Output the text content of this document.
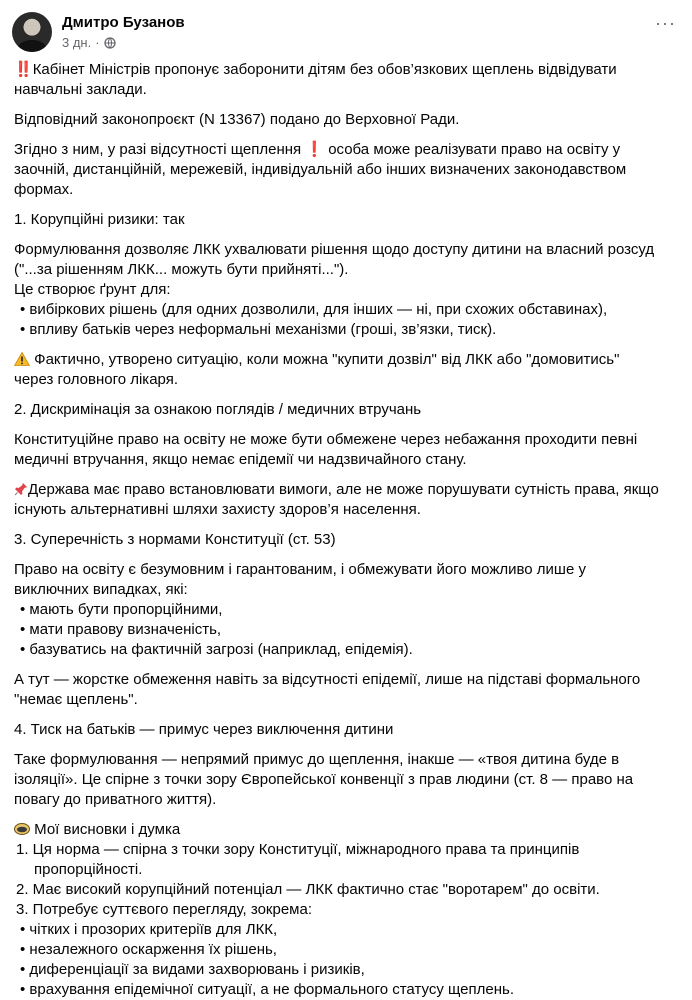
Дмитро Бузанов
3 дн. ·
···

‼️Кабінет Міністрів пропонує заборонити дітям без обов’язкових щеплень відвідувати

навчальні заклади.

Відповідний законопроєкт (N 13367) подано до Верховної Ради.

Згідно з ним, у разі відсутності щеплення ❗ особа може реалізувати право на освіту у

заочній, дистанційній, мережевій, індивідуальній або інших визначених законодавством

формах.

1. Корупційні ризики: так

Формулювання дозволяє ЛКК ухвалювати рішення щодо доступу дитини на власний розсуд

("...за рішенням ЛКК... можуть бути прийняті...").

Це створює ґрунт для:

• вибіркових рішень (для одних дозволили, для інших — ні, при схожих обставинах),

• впливу батьків через неформальні механізми (гроші, зв’язки, тиск).

Фактично, утворено ситуацію, коли можна "купити дозвіл" від ЛКК або "домовитись"

через головного лікаря.

2. Дискримінація за ознакою поглядів / медичних втручань

Конституційне право на освіту не може бути обмежене через небажання проходити певні

медичні втручання, якщо немає епідемії чи надзвичайного стану.

Держава має право встановлювати вимоги, але не може порушувати сутність права, якщо

існують альтернативні шляхи захисту здоров’я населення.

3. Суперечність з нормами Конституції (ст. 53)

Право на освіту є безумовним і гарантованим, і обмежувати його можливо лише у

виключних випадках, які:

• мають бути пропорційними,

• мати правову визначеність,

• базуватись на фактичній загрозі (наприклад, епідемія).

А тут — жорстке обмеження навіть за відсутності епідемії, лише на підставі формального

"немає щеплень".

4. Тиск на батьків — примус через виключення дитини

Таке формулювання — непрямий примус до щеплення, інакше — «твоя дитина буде в

ізоляції». Це спірне з точки зору Європейської конвенції з прав людини (ст. 8 — право на

повагу до приватного життя).

Мої висновки і думка

1. Ця норма — спірна з точки зору Конституції, міжнародного права та принципів

пропорційності.

2. Має високий корупційний потенціал — ЛКК фактично стає "воротарем" до освіти.

3. Потребує суттєвого перегляду, зокрема:

• чітких і прозорих критеріїв для ЛКК,

• незалежного оскарження їх рішень,

• диференціації за видами захворювань і ризиків,

• врахування епідемічної ситуації, а не формального статусу щеплень.
